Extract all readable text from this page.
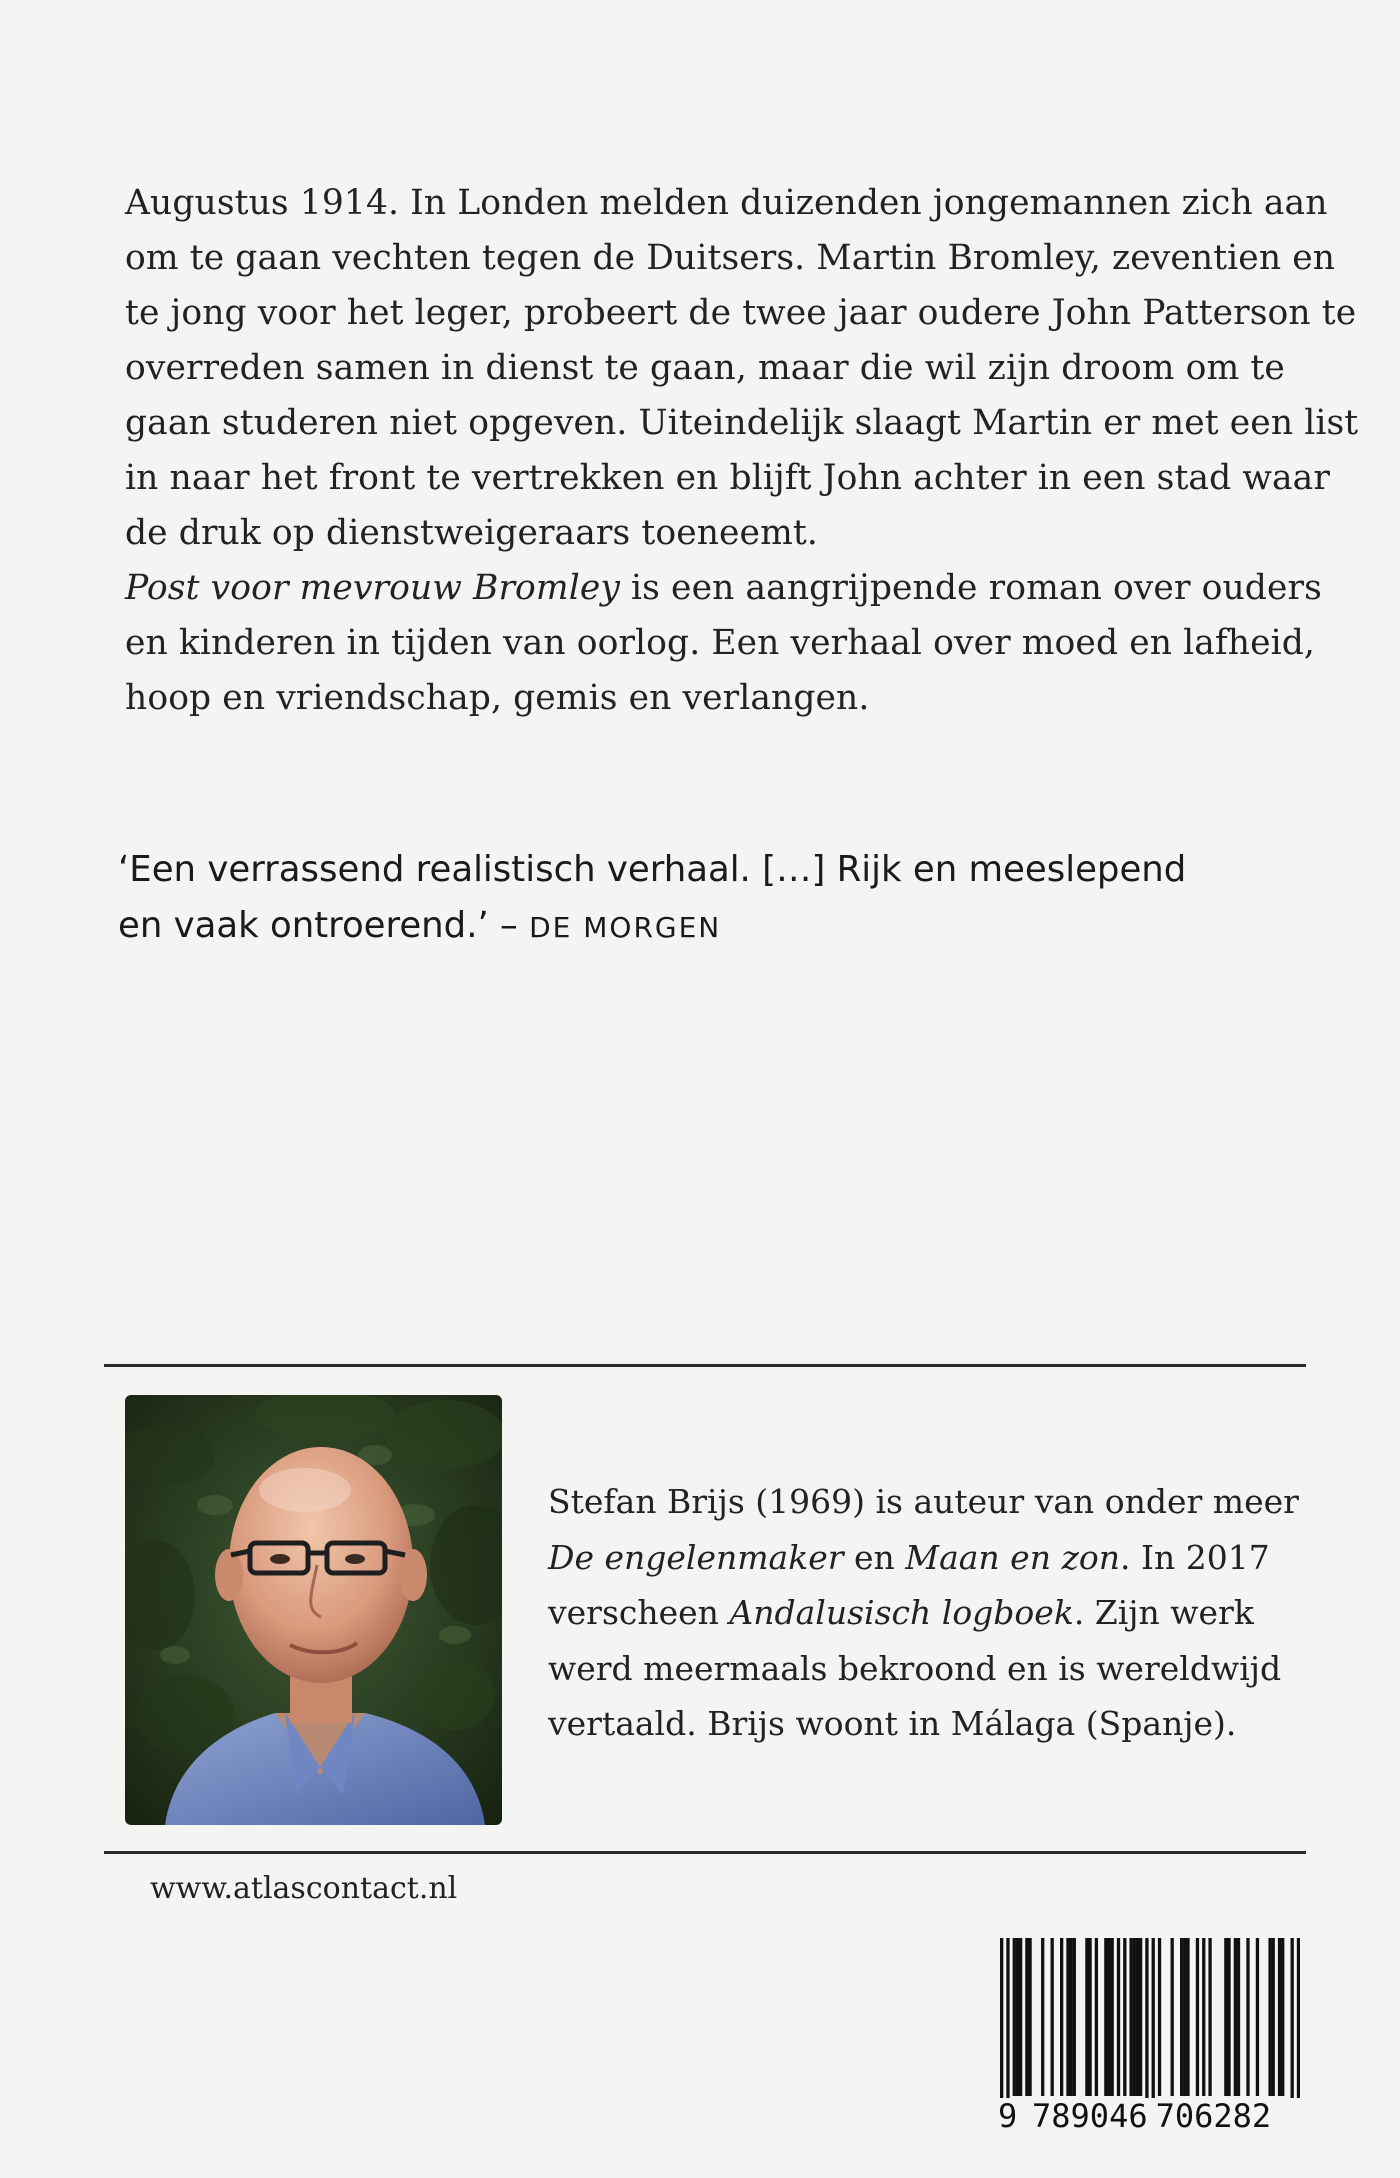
Augustus 1914. In Londen melden duizenden jongemannen zich aan
om te gaan vechten tegen de Duitsers. Martin Bromley, zeventien en
te jong voor het leger, probeert de twee jaar oudere John Patterson te
overreden samen in dienst te gaan, maar die wil zijn droom om te
gaan studeren niet opgeven. Uiteindelijk slaagt Martin er met een list
in naar het front te vertrekken en blijft John achter in een stad waar
de druk op dienstweigeraars toeneemt.
Post voor mevrouw Bromley is een aangrijpende roman over ouders
en kinderen in tijden van oorlog. Een verhaal over moed en lafheid,
hoop en vriendschap, gemis en verlangen.
‘Een verrassend realistisch verhaal. […] Rijk en meeslepend
en vaak ontroerend.’ – DE MORGEN
Stefan Brijs (1969) is auteur van onder meer
De engelenmaker en Maan en zon. In 2017
verscheen Andalusisch logboek. Zijn werk
werd meermaals bekroond en is wereldwijd
vertaald. Brijs woont in Málaga (Spanje).
www.atlascontact.nl
9 789046 706282
